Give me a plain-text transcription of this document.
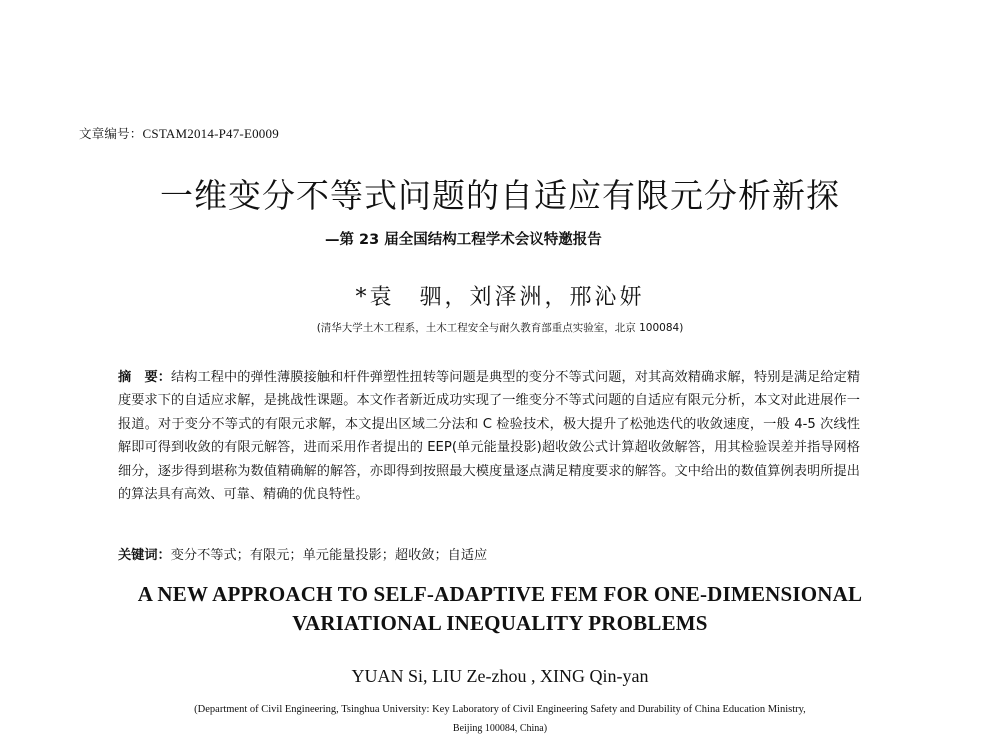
文章编号：CSTAM2014-P47-E0009
一维变分不等式问题的自适应有限元分析新探
—第 23 届全国结构工程学术会议特邀报告
*袁　驷，刘泽洲，邢沁妍
(清华大学土木工程系，土木工程安全与耐久教育部重点实验室，北京 100084)
摘　要：结构工程中的弹性薄膜接触和杆件弹塑性扭转等问题是典型的变分不等式问题，对其高效精确求解，特别是满足给定精度要求下的自适应求解，是挑战性课题。本文作者新近成功实现了一维变分不等式问题的自适应有限元分析，本文对此进展作一报道。对于变分不等式的有限元求解，本文提出区域二分法和 C 检验技术，极大提升了松弛迭代的收敛速度，一般 4-5 次线性解即可得到收敛的有限元解答，进而采用作者提出的 EEP(单元能量投影)超收敛公式计算超收敛解答，用其检验误差并指导网格细分，逐步得到堪称为数值精确解的解答，亦即得到按照最大模度量逐点满足精度要求的解答。文中给出的数值算例表明所提出的算法具有高效、可靠、精确的优良特性。
关键词：变分不等式；有限元；单元能量投影；超收敛；自适应
A NEW APPROACH TO SELF-ADAPTIVE FEM FOR ONE-DIMENSIONAL
VARIATIONAL INEQUALITY PROBLEMS
YUAN Si, LIU Ze-zhou , XING Qin-yan
(Department of Civil Engineering, Tsinghua University: Key Laboratory of Civil Engineering Safety and Durability of China Education Ministry,
Beijing 100084, China)
